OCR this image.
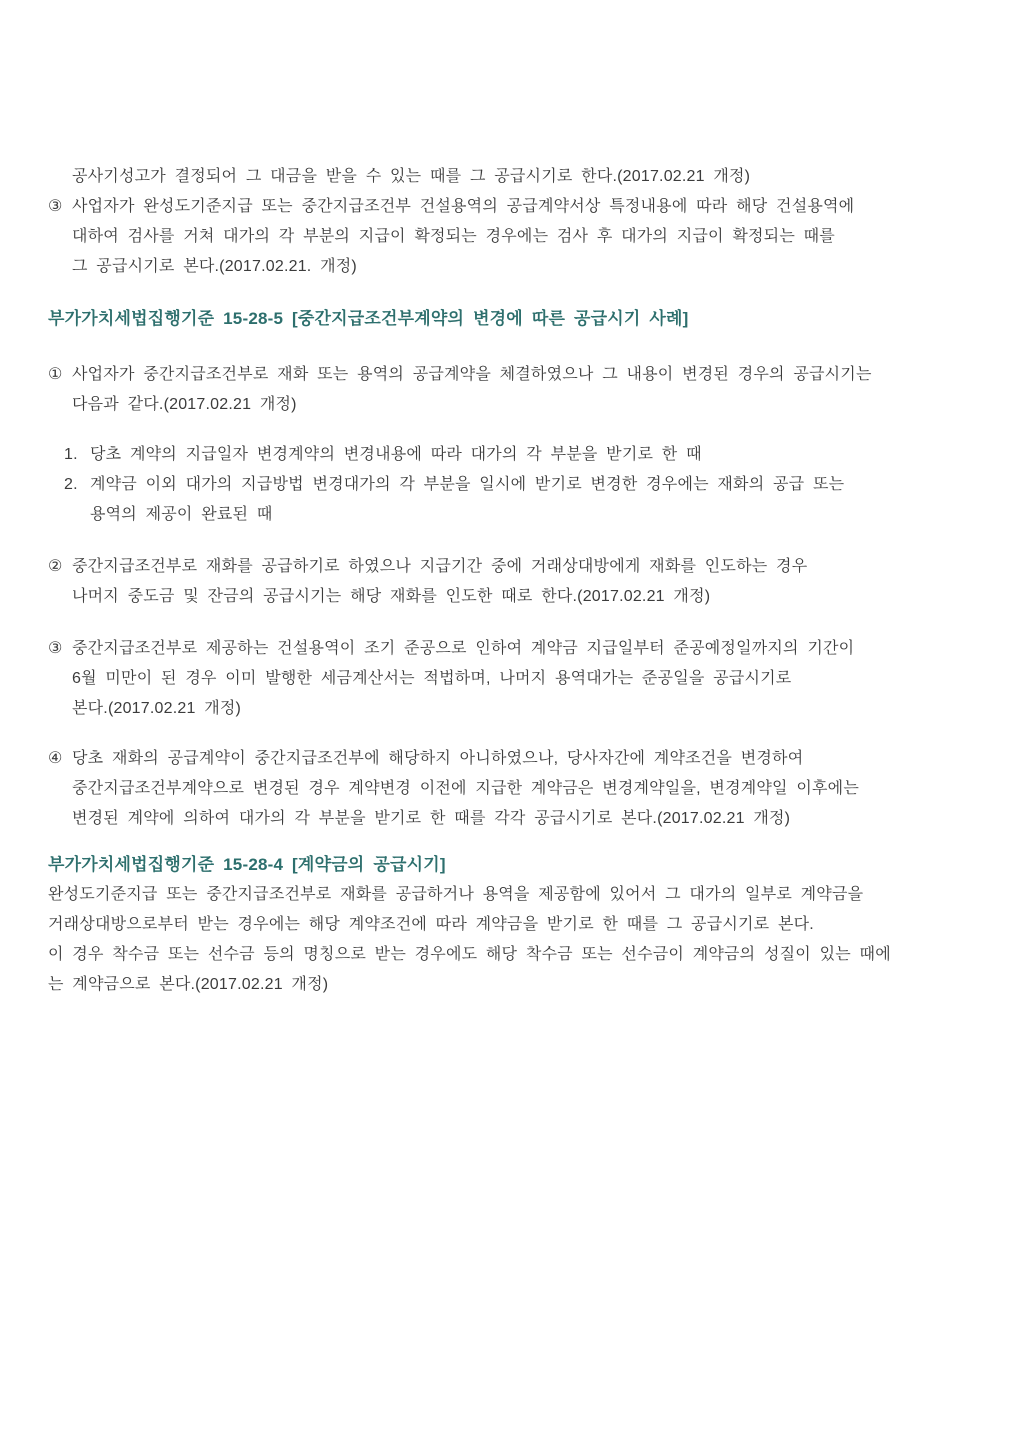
공사기성고가 결정되어 그 대금을 받을 수 있는 때를 그 공급시기로 한다.(2017.02.21 개정)
③ 사업자가 완성도기준지급 또는 중간지급조건부 건설용역의 공급계약서상 특정내용에 따라 해당 건설용역에
대하여 검사를 거쳐 대가의 각 부분의 지급이 확정되는 경우에는 검사 후 대가의 지급이 확정되는 때를
그 공급시기로 본다.(2017.02.21. 개정)
부가가치세법집행기준 15-28-5 [중간지급조건부계약의 변경에 따른 공급시기 사례]
① 사업자가 중간지급조건부로 재화 또는 용역의 공급계약을 체결하였으나 그 내용이 변경된 경우의 공급시기는
다음과 같다.(2017.02.21 개정)
1. 당초 계약의 지급일자 변경계약의 변경내용에 따라 대가의 각 부분을 받기로 한 때
2. 계약금 이외 대가의 지급방법 변경대가의 각 부분을 일시에 받기로 변경한 경우에는 재화의 공급 또는
용역의 제공이 완료된 때
② 중간지급조건부로 재화를 공급하기로 하였으나 지급기간 중에 거래상대방에게 재화를 인도하는 경우
나머지 중도금 및 잔금의 공급시기는 해당 재화를 인도한 때로 한다.(2017.02.21 개정)
③ 중간지급조건부로 제공하는 건설용역이 조기 준공으로 인하여 계약금 지급일부터 준공예정일까지의 기간이
6월 미만이 된 경우 이미 발행한 세금계산서는 적법하며, 나머지 용역대가는 준공일을 공급시기로
본다.(2017.02.21 개정)
④ 당초 재화의 공급계약이 중간지급조건부에 해당하지 아니하였으나, 당사자간에 계약조건을 변경하여
중간지급조건부계약으로 변경된 경우 계약변경 이전에 지급한 계약금은 변경계약일을, 변경계약일 이후에는
변경된 계약에 의하여 대가의 각 부분을 받기로 한 때를 각각 공급시기로 본다.(2017.02.21 개정)
부가가치세법집행기준 15-28-4 [계약금의 공급시기]
완성도기준지급 또는 중간지급조건부로 재화를 공급하거나 용역을 제공함에 있어서 그 대가의 일부로 계약금을
거래상대방으로부터 받는 경우에는 해당 계약조건에 따라 계약금을 받기로 한 때를 그 공급시기로 본다.
이 경우 착수금 또는 선수금 등의 명칭으로 받는 경우에도 해당 착수금 또는 선수금이 계약금의 성질이 있는 때에
는 계약금으로 본다.(2017.02.21 개정)
